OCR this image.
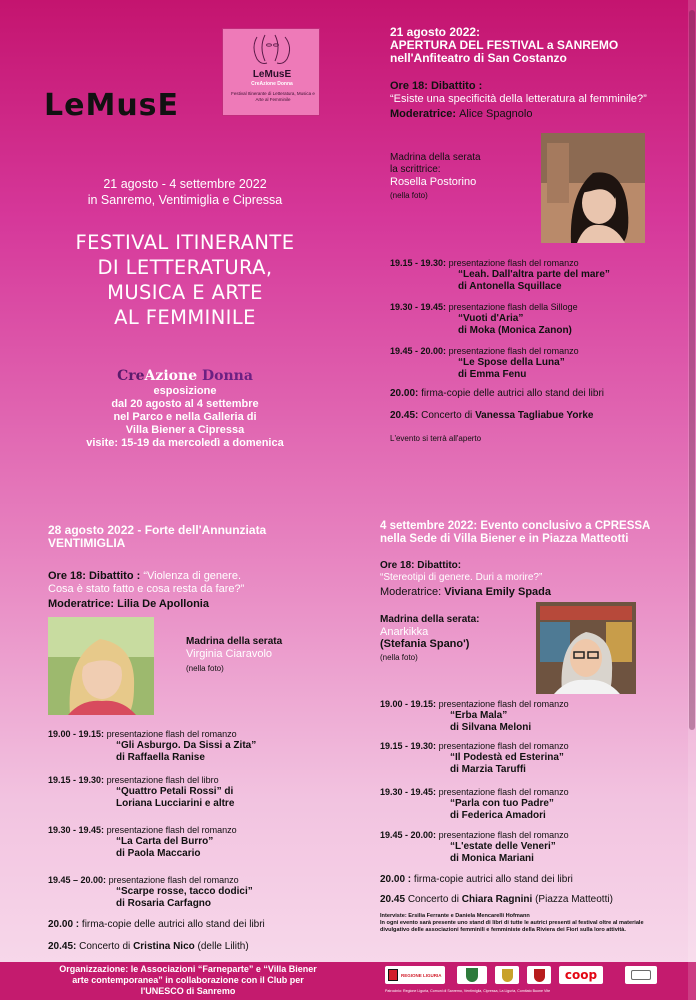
LeMusE
CreAzione Donna
Festival Itinerante di Letteratura, Musica e Arte al Femminile
LeMusE
21 agosto - 4 settembre 2022
in Sanremo, Ventimiglia e Cipressa
FESTIVAL ITINERANTE
DI LETTERATURA,
MUSICA E ARTE
AL FEMMINILE
CreAzione Donna
esposizione
dal 20 agosto al 4 settembre
nel Parco e nella Galleria di
Villa Biener a Cipressa
visite: 15-19 da mercoledì a domenica
21 agosto 2022:
APERTURA DEL FESTIVAL a SANREMO
nell'Anfiteatro di San Costanzo
Ore 18: Dibattito :
“Esiste una specificità della letteratura al femminile?”
Moderatrice: Alice Spagnolo
Madrina della serata
la scrittrice:
Rosella Postorino
(nella foto)
19.15 - 19.30: presentazione flash del romanzo
“Leah. Dall'altra parte del mare”
di Antonella Squillace
19.30 - 19.45: presentazione flash della Silloge
“Vuoti d'Aria”
di Moka (Monica Zanon)
19.45 - 20.00: presentazione flash del romanzo
“Le Spose della Luna”
di Emma Fenu
20.00: firma-copie delle autrici allo stand dei libri
20.45: Concerto di Vanessa Tagliabue Yorke
L'evento si terrà all'aperto
28 agosto 2022 - Forte dell'Annunziata
VENTIMIGLIA
Ore 18: Dibattito : “Violenza di genere.
Cosa è stato fatto e cosa resta da fare?”
Moderatrice: Lilia De Apollonia
Madrina della serata
Virginia Ciaravolo
(nella foto)
19.00 - 19.15: presentazione flash del romanzo
“Gli Asburgo. Da Sissi a Zita”
di Raffaella Ranise
19.15 - 19.30: presentazione flash del libro
“Quattro Petali Rossi” di
Loriana Lucciarini e altre
19.30 - 19.45: presentazione flash del romanzo
“La Carta del Burro”
di Paola Maccario
19.45 – 20.00: presentazione flash del romanzo
“Scarpe rosse, tacco dodici”
di Rosaria Carfagno
20.00 : firma-copie delle autrici allo stand dei libri
20.45: Concerto di Cristina Nico (delle Lilith)
4 settembre 2022: Evento conclusivo a CPRESSA
nella Sede di Villa Biener e in Piazza Matteotti
Ore 18: Dibattito:
“Stereotipi di genere. Duri a morire?”
Moderatrice: Viviana Emily Spada
Madrina della serata:
Anarkikka
(Stefania Spano')
(nella foto)
19.00 - 19.15: presentazione flash del romanzo
“Erba Mala”
di Silvana Meloni
19.15 - 19.30: presentazione flash del romanzo
“Il Podestà ed Esterina”
di Marzia Taruffi
19.30 - 19.45: presentazione flash del romanzo
“Parla con tuo Padre”
di Federica Amadori
19.45 - 20.00: presentazione flash del romanzo
“L'estate delle Veneri”
di Monica Mariani
20.00 : firma-copie autrici allo stand dei libri
20.45 Concerto di Chiara Ragnini (Piazza Matteotti)
Interviste: Ersilia Ferrante e Daniela Mencarelli Hofmann
In ogni evento sarà presente uno stand di libri di tutte le autrici presenti al festival oltre al materiale divulgativo delle associazioni femminili e femministe della Riviera dei Fiori sulla loro attività.
Organizzazione: le Associazioni “Farneparte” e “Villa Biener
arte contemporanea” in collaborazione con il Club per
l'UNESCO di Sanremo
REGIONE LIGURIA	coop
Patrocinio: Regione Liguria, Comuni di Sanremo, Ventimiglia, Cipressa, La Liguria, Comitato Buone Vite
